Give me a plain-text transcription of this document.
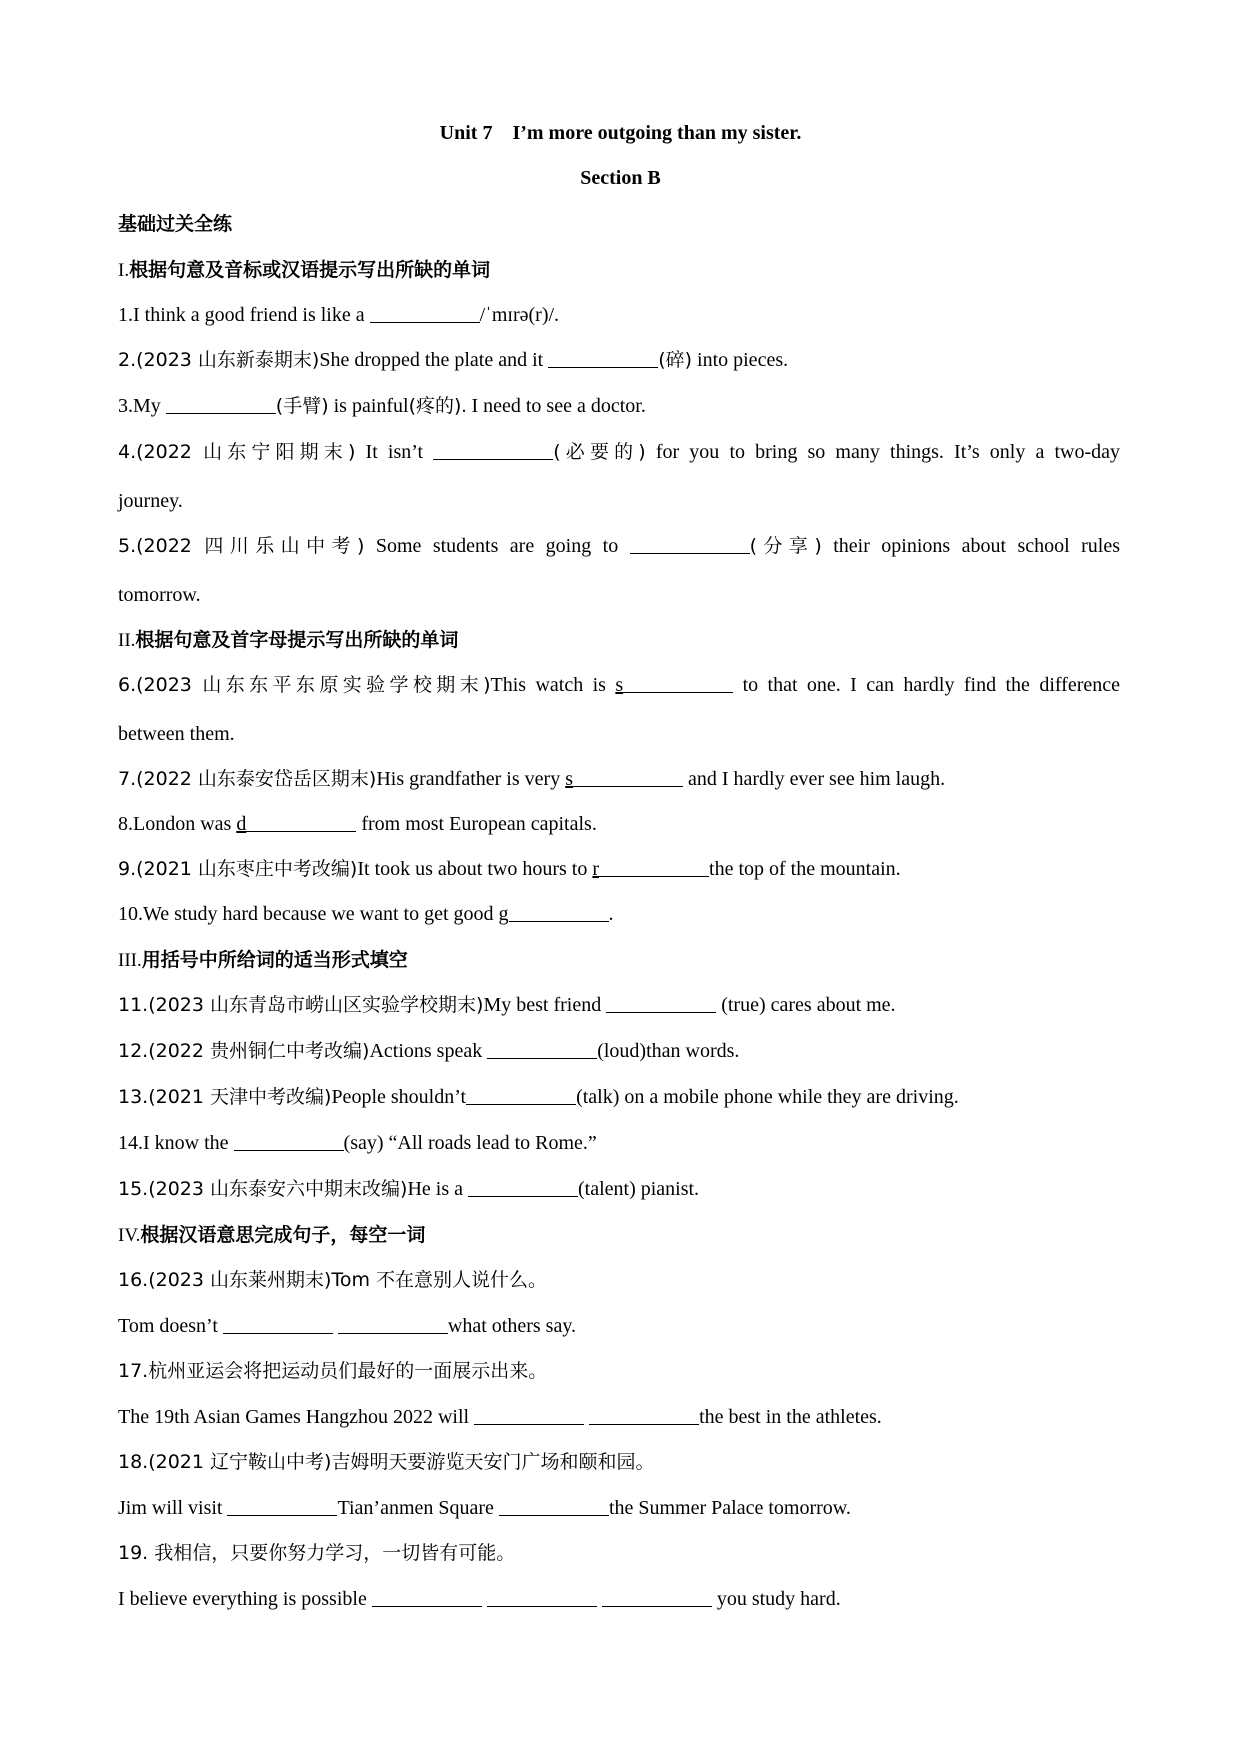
Unit 7    I’m more outgoing than my sister.
Section B
基础过关全练
I.根据句意及音标或汉语提示写出所缺的单词
1.I think a good friend is like a	/ˈmɪrə(r)/.
2.(2023 山东新泰期末)She dropped the plate and it	(碎) into pieces.
3.My	(手臂) is painful(疼的). I need to see a doctor.
4.(2022 山东宁阳期末) It isn’t	(必要的) for you to bring so many things. It’s only a two-day
journey.
5.(2022 四川乐山中考) Some students are going to	(分享) their opinions about school rules
tomorrow.
II.根据句意及首字母提示写出所缺的单词
6.(2023 山东东平东原实验学校期末)This watch is s	to that one. I can hardly find the difference
between them.
7.(2022 山东泰安岱岳区期末)His grandfather is very s	and I hardly ever see him laugh.
8.London was d	from most European capitals.
9.(2021 山东枣庄中考改编)It took us about two hours to r	the top of the mountain.
10.We study hard because we want to get good g	.
III.用括号中所给词的适当形式填空
11.(2023 山东青岛市崂山区实验学校期末)My best friend	(true) cares about me.
12.(2022 贵州铜仁中考改编)Actions speak	(loud)than words.
13.(2021 天津中考改编)People shouldn’t	(talk) on a mobile phone while they are driving.
14.I know the	(say) “All roads lead to Rome.”
15.(2023 山东泰安六中期末改编)He is a	(talent) pianist.
IV.根据汉语意思完成句子，每空一词
16.(2023 山东莱州期末)Tom 不在意别人说什么。
Tom doesn’t	what others say.
17.杭州亚运会将把运动员们最好的一面展示出来。
The 19th Asian Games Hangzhou 2022 will	the best in the athletes.
18.(2021 辽宁鞍山中考)吉姆明天要游览天安门广场和颐和园。
Jim will visit	Tian’anmen Square	the Summer Palace tomorrow.
19. 我相信，只要你努力学习，一切皆有可能。
I believe everything is possible	you study hard.
